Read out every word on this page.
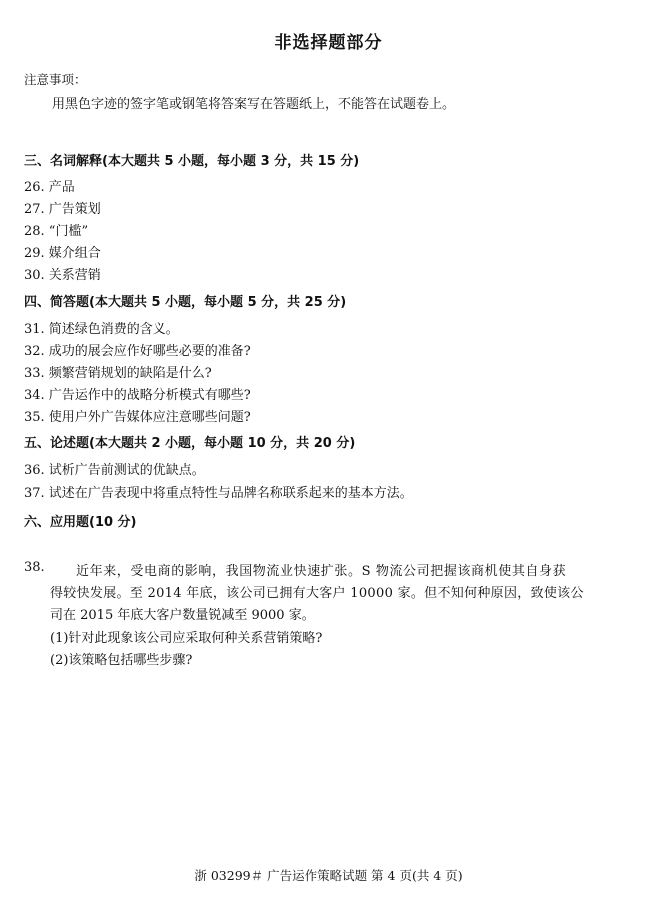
非选择题部分
注意事项：
用黑色字迹的签字笔或钢笔将答案写在答题纸上，不能答在试题卷上。
三、名词解释(本大题共 5 小题，每小题 3 分，共 15 分)
26. 产品
27. 广告策划
28. “门槛”
29. 媒介组合
30. 关系营销
四、简答题(本大题共 5 小题，每小题 5 分，共 25 分)
31. 简述绿色消费的含义。
32. 成功的展会应作好哪些必要的准备?
33. 频繁营销规划的缺陷是什么?
34. 广告运作中的战略分析模式有哪些?
35. 使用户外广告媒体应注意哪些问题?
五、论述题(本大题共 2 小题，每小题 10 分，共 20 分)
36. 试析广告前测试的优缺点。
37. 试述在广告表现中将重点特性与品牌名称联系起来的基本方法。
六、应用题(10 分)
38. 近年来，受电商的影响，我国物流业快速扩张。S 物流公司把握该商机使其自身获
得较快发展。至 2014 年底，该公司已拥有大客户 10000 家。但不知何种原因，致使该公
司在 2015 年底大客户数量锐减至 9000 家。
(1)针对此现象该公司应采取何种关系营销策略?
(2)该策略包括哪些步骤?
浙 03299＃ 广告运作策略试题 第 4 页(共 4 页)
